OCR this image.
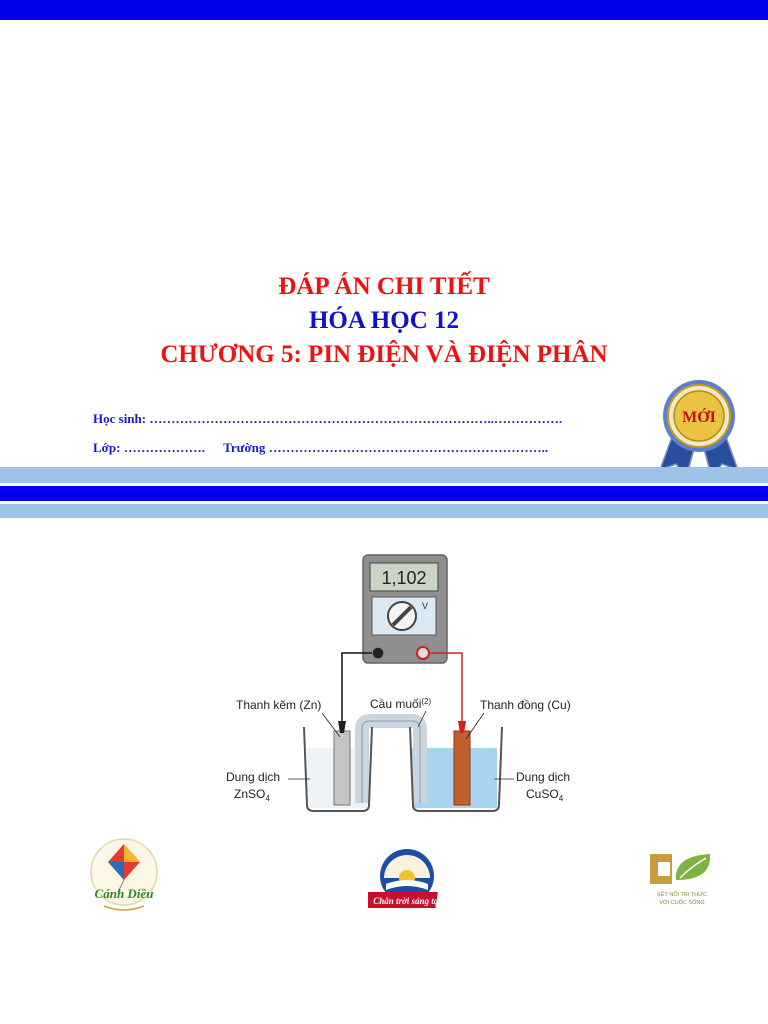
ĐÁP ÁN CHI TIẾT
HÓA HỌC 12
CHƯƠNG 5: PIN ĐIỆN VÀ ĐIỆN PHÂN
Học sinh: ……………………………………………………………………..…………….
Lớp: ………………. Trường ………………………………………………………..
MỚI
1,102
V
Thanh kẽm (Zn)	Cầu muối$^{(2)}$	Thanh đồng (Cu)
Dung dịch
ZnSO$_4$
Dung dịch
CuSO$_4$
Cánh Diều	Chân trời sáng tạo
KẾT NỐI TRI THỨC
VỚI CUỘC SỐNG
